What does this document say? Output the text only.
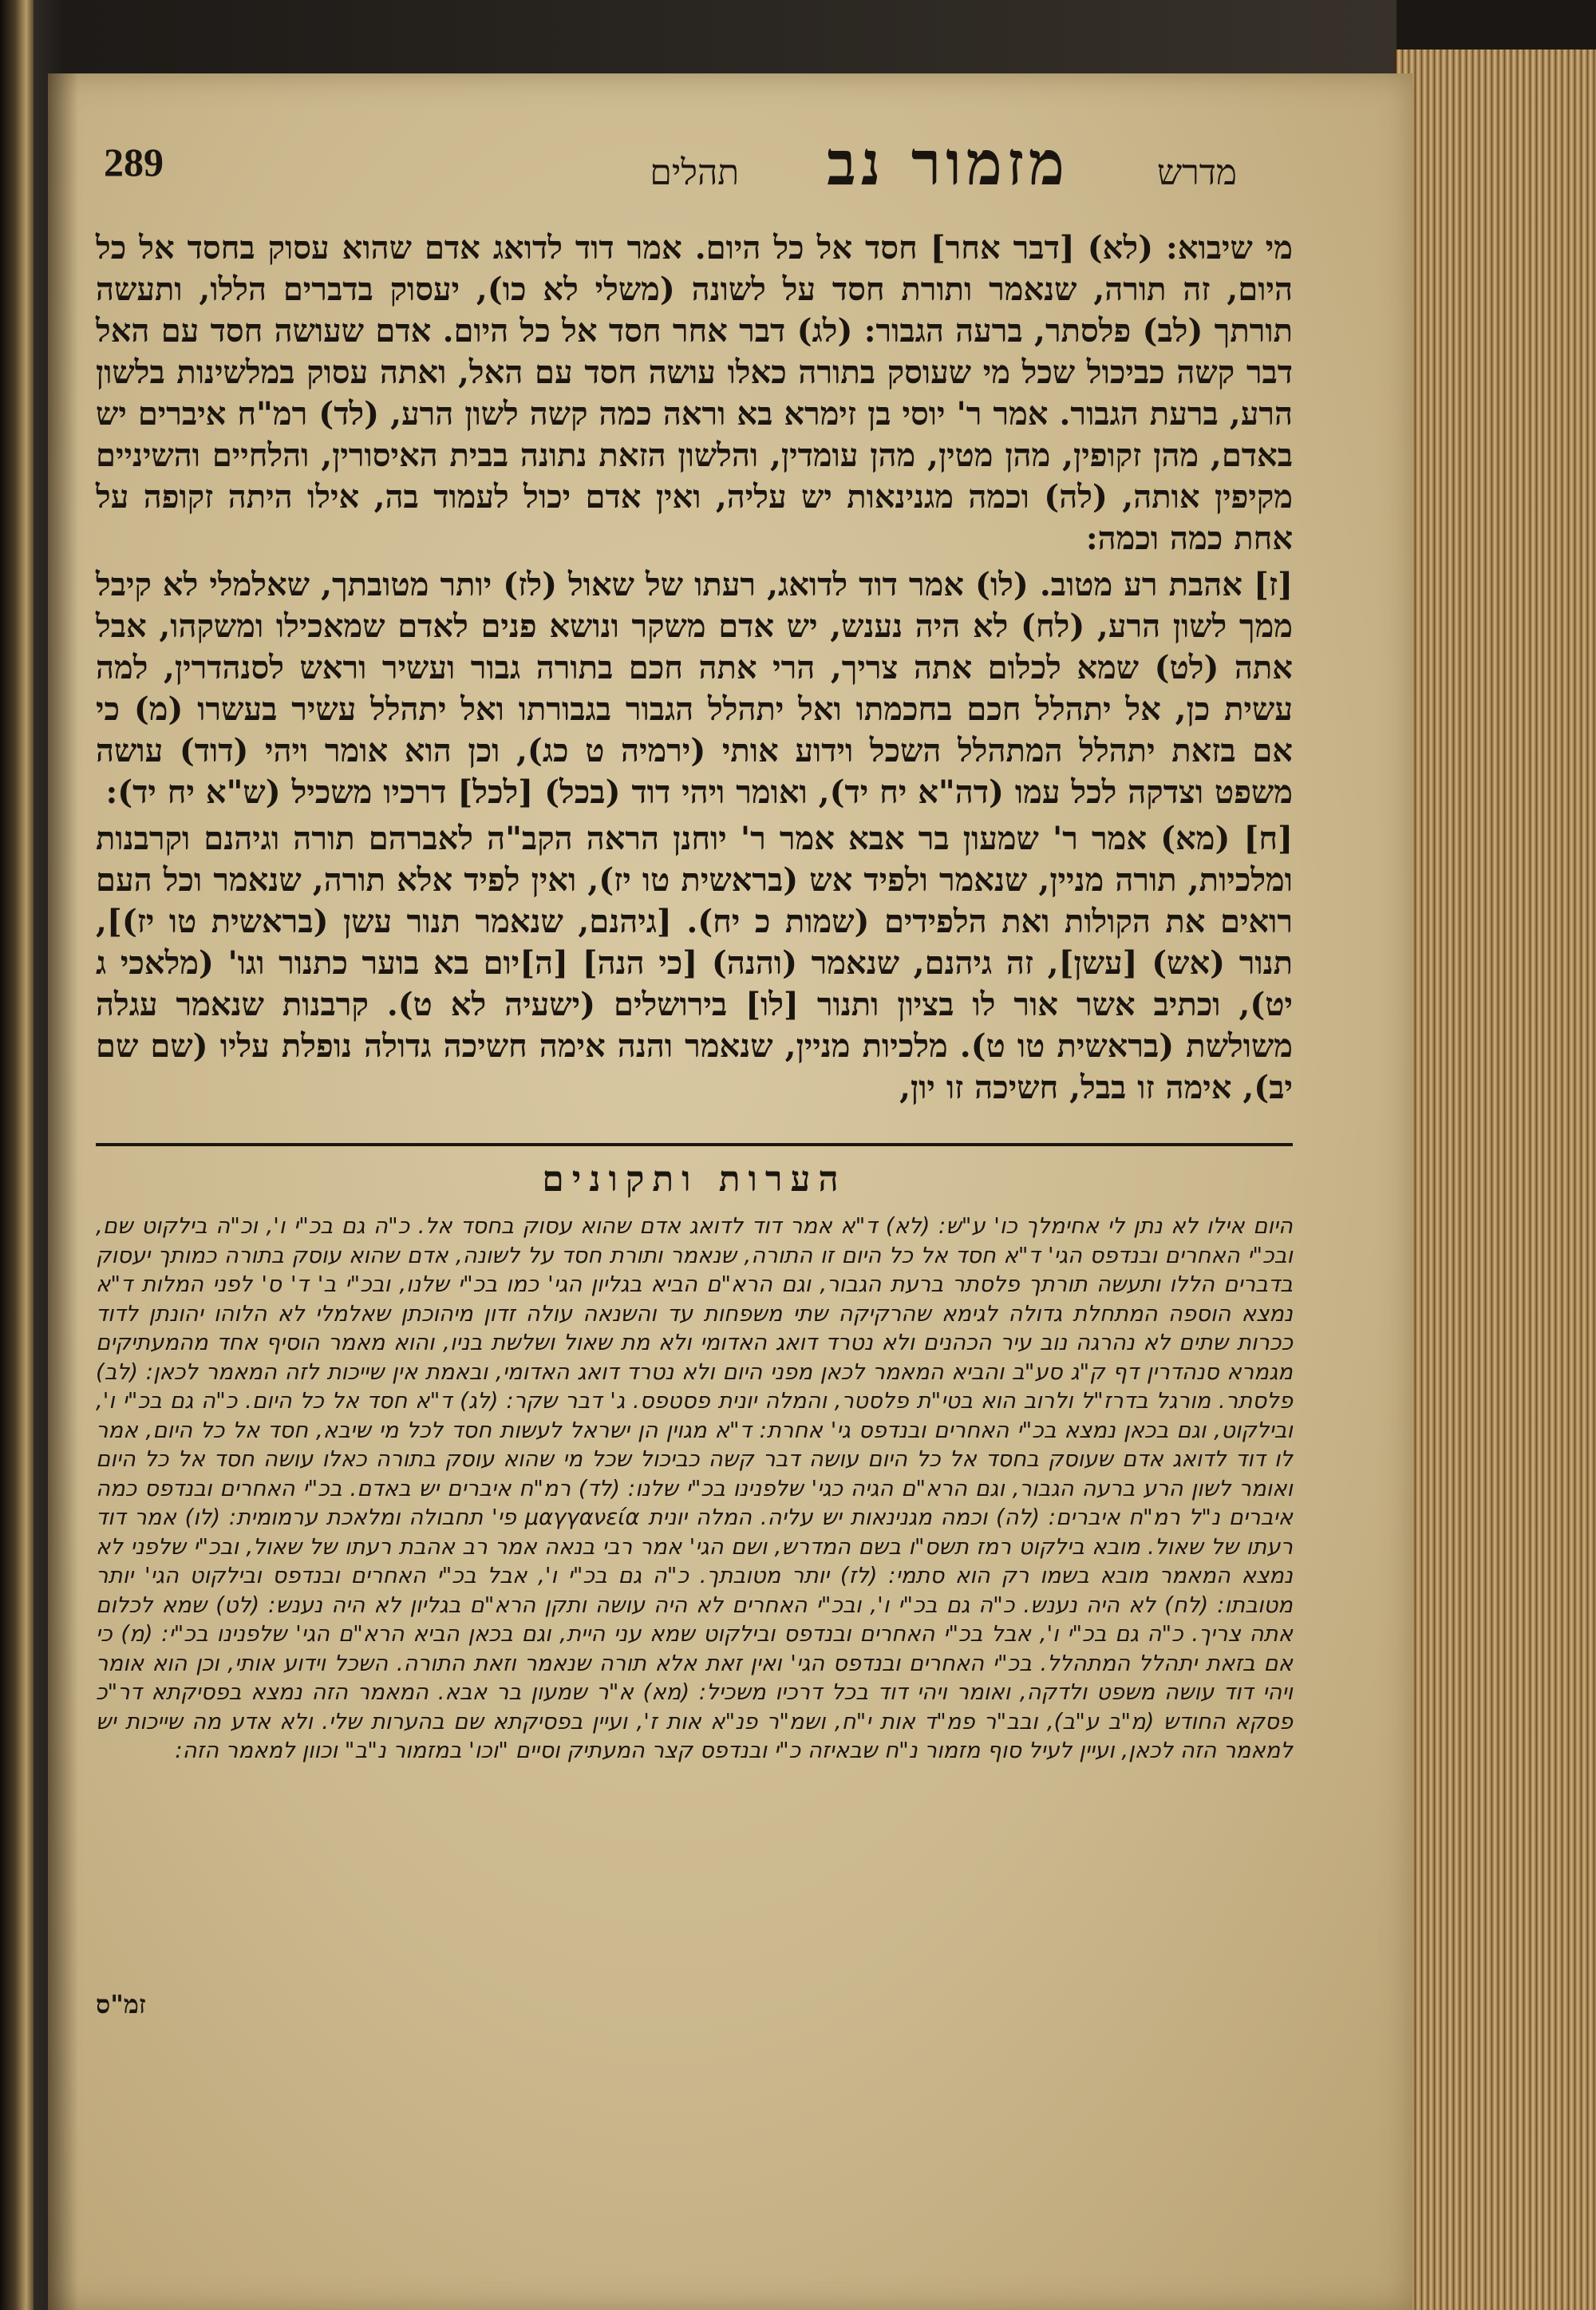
289	מדרש
מזמור נב
תהלים

מי שיבוא: (לא) [דבר אחר] חסד אל כל היום. אמר דוד לדואג אדם שהוא עסוק בחסד אל כל היום, זה תורה, שנאמר ותורת חסד על לשונה (משלי לא כו), יעסוק בדברים הללו, ותעשה תורתך (לב) פלסתר, ברעה הגבור: (לג) דבר אחר חסד אל כל היום. אדם שעושה חסד עם האל דבר קשה כביכול שכל מי שעוסק בתורה כאלו עושה חסד עם האל, ואתה עסוק במלשינות בלשון הרע, ברעת הגבור. אמר ר' יוסי בן זימרא בא וראה כמה קשה לשון הרע, (לד) רמ"ח איברים יש באדם, מהן זקופין, מהן מטין, מהן עומדין, והלשון הזאת נתונה בבית האיסורין, והלחיים והשיניים מקיפין אותה, (לה) וכמה מגנינאות יש עליה, ואין אדם יכול לעמוד בה, אילו היתה זקופה על אחת כמה וכמה:

[ז] אהבת רע מטוב. (לו) אמר דוד לדואג, רעתו של שאול (לז) יותר מטובתך, שאלמלי לא קיבל ממך לשון הרע, (לח) לא היה נענש, יש אדם משקר ונושא פנים לאדם שמאכילו ומשקהו, אבל אתה (לט) שמא לכלום אתה צריך, הרי אתה חכם בתורה גבור ועשיר וראש לסנהדרין, למה עשית כן, אל יתהלל חכם בחכמתו ואל יתהלל הגבור בגבורתו ואל יתהלל עשיר בעשרו (מ) כי אם בזאת יתהלל המתהלל השכל וידוע אותי (ירמיה ט כג), וכן הוא אומר ויהי (דוד) עושה משפט וצדקה לכל עמו (דה"א יח יד), ואומר ויהי דוד (בכל) [לכל] דרכיו משכיל (ש"א יח יד):

[ח] (מא) אמר ר' שמעון בר אבא אמר ר' יוחנן הראה הקב"ה לאברהם תורה וגיהנם וקרבנות ומלכיות, תורה מניין, שנאמר ולפיד אש (בראשית טו יז), ואין לפיד אלא תורה, שנאמר וכל העם רואים את הקולות ואת הלפידים (שמות כ יח). [גיהנם, שנאמר תנור עשן (בראשית טו יז)], תנור (אש) [עשן], זה גיהנם, שנאמר (והנה) [כי הנה] [ה]יום בא בוער כתנור וגו' (מלאכי ג יט), וכתיב אשר אור לו בציון ותנור [לו] בירושלים (ישעיה לא ט). קרבנות שנאמר עגלה משולשת (בראשית טו ט). מלכיות מניין, שנאמר והנה אימה חשיכה גדולה נופלת עליו (שם שם יב), אימה זו בבל, חשיכה זו יון,

הערות ותקונים

היום אילו לא נתן לי אחימלך כו' ע"ש: (לא) ד"א אמר דוד לדואג אדם שהוא עסוק בחסד אל. כ"ה גם בכ"י ו', וכ"ה בילקוט שם, ובכ"י האחרים ובנדפס הגי' ד"א חסד אל כל היום זו התורה, שנאמר ותורת חסד על לשונה, אדם שהוא עוסק בתורה כמותך יעסוק בדברים הללו ותעשה תורתך פלסתר ברעת הגבור, וגם הרא"ם הביא בגליון הגי' כמו בכ"י שלנו, ובכ"י ב' ד' ס' לפני המלות ד"א נמצא הוספה המתחלת גדולה לגימא שהרקיקה שתי משפחות עד והשנאה עולה זדון מיהוכתן שאלמלי לא הלוהו יהונתן לדוד ככרות שתים לא נהרגה נוב עיר הכהנים ולא נטרד דואג האדומי ולא מת שאול ושלשת בניו, והוא מאמר הוסיף אחד מהמעתיקים מגמרא סנהדרין דף ק"ג סע"ב והביא המאמר לכאן מפני היום ולא נטרד דואג האדומי, ובאמת אין שייכות לזה המאמר לכאן: (לב) פלסתר. מורגל בדרז"ל ולרוב הוא בטי"ת פלסטר, והמלה יונית פסטפס. ג' דבר שקר: (לג) ד"א חסד אל כל היום. כ"ה גם בכ"י ו', ובילקוט, וגם בכאן נמצא בכ"י האחרים ובנדפס גי' אחרת: ד"א מגוין הן ישראל לעשות חסד לכל מי שיבא, חסד אל כל היום, אמר לו דוד לדואג אדם שעוסק בחסד אל כל היום עושה דבר קשה כביכול שכל מי שהוא עוסק בתורה כאלו עושה חסד אל כל היום ואומר לשון הרע ברעה הגבור, וגם הרא"ם הגיה כגי' שלפנינו בכ"י שלנו: (לד) רמ"ח איברים יש באדם. בכ"י האחרים ובנדפס כמה איברים נ"ל רמ"ח איברים: (לה) וכמה מגנינאות יש עליה. המלה יונית μαγγανεία פי' תחבולה ומלאכת ערמומית: (לו) אמר דוד רעתו של שאול. מובא בילקוט רמז תשס"ו בשם המדרש, ושם הגי' אמר רבי בנאה אמר רב אהבת רעתו של שאול, ובכ"י שלפני לא נמצא המאמר מובא בשמו רק הוא סתמי: (לז) יותר מטובתך. כ"ה גם בכ"י ו', אבל בכ"י האחרים ובנדפס ובילקוט הגי' יותר מטובתו: (לח) לא היה נענש. כ"ה גם בכ"י ו', ובכ"י האחרים לא היה עושה ותקן הרא"ם בגליון לא היה נענש: (לט) שמא לכלום אתה צריך. כ"ה גם בכ"י ו', אבל בכ"י האחרים ובנדפס ובילקוט שמא עני היית, וגם בכאן הביא הרא"ם הגי' שלפנינו בכ"י: (מ) כי אם בזאת יתהלל המתהלל. בכ"י האחרים ובנדפס הגי' ואין זאת אלא תורה שנאמר וזאת התורה. השכל וידוע אותי, וכן הוא אומר ויהי דוד עושה משפט ולדקה, ואומר ויהי דוד בכל דרכיו משכיל: (מא) א"ר שמעון בר אבא. המאמר הזה נמצא בפסיקתא דר"כ פסקא החודש (מ"ב ע"ב), ובב"ר פמ"ד אות י"ח, ושמ"ר פנ"א אות ז', ועיין בפסיקתא שם בהערות שלי. ולא אדע מה שייכות יש למאמר הזה לכאן, ועיין לעיל סוף מזמור נ"ח שבאיזה כ"י ובנדפס קצר המעתיק וסיים "וכו' במזמור נ"ב" וכוון למאמר הזה:

זמ"ס
